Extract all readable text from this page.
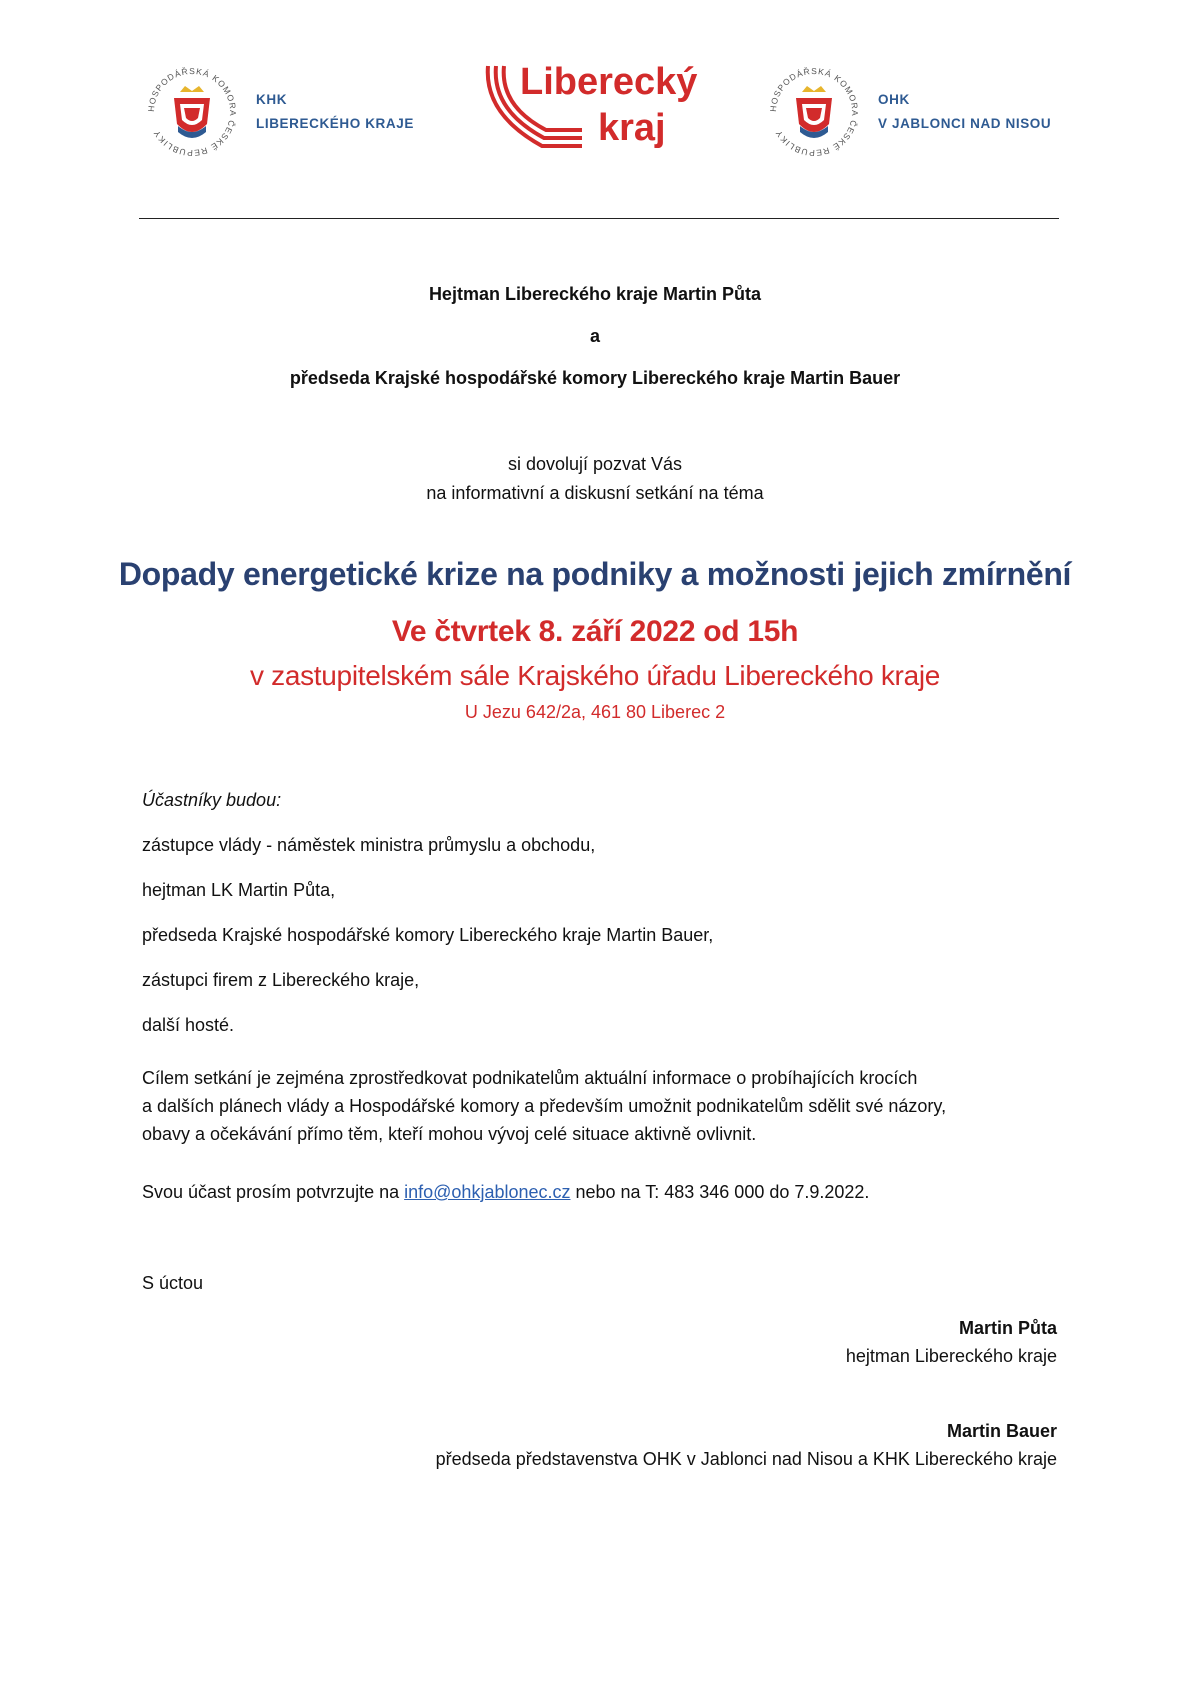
HOSPODÁŘSKÁ KOMORA ČESKÉ REPUBLIKY
KHK
LIBERECKÉHO KRAJE
Liberecký
kraj	HOSPODÁŘSKÁ KOMORA ČESKÉ REPUBLIKY
OHK
V JABLONCI NAD NISOU
Hejtman Libereckého kraje Martin Půta
a
předseda Krajské hospodářské komory Libereckého kraje Martin Bauer
si dovolují pozvat Vás
na informativní a diskusní setkání na téma
Dopady energetické krize na podniky a možnosti jejich zmírnění
Ve čtvrtek 8. září 2022 od 15h
v zastupitelském sále Krajského úřadu Libereckého kraje
U Jezu 642/2a, 461 80 Liberec 2
Účastníky budou:
zástupce vlády - náměstek ministra průmyslu a obchodu,
hejtman LK Martin Půta,
předseda Krajské hospodářské komory Libereckého kraje Martin Bauer,
zástupci firem z Libereckého kraje,
další hosté.
Cílem setkání je zejména zprostředkovat podnikatelům aktuální informace o probíhajících krocích
a dalších plánech vlády a Hospodářské komory a především umožnit podnikatelům sdělit své názory,
obavy a očekávání přímo těm, kteří mohou vývoj celé situace aktivně ovlivnit.
Svou účast prosím potvrzujte na info@ohkjablonec.cz nebo na T: 483 346 000 do 7.9.2022.
S úctou
Martin Půta
hejtman Libereckého kraje
Martin Bauer
předseda představenstva OHK v Jablonci nad Nisou a KHK Libereckého kraje
